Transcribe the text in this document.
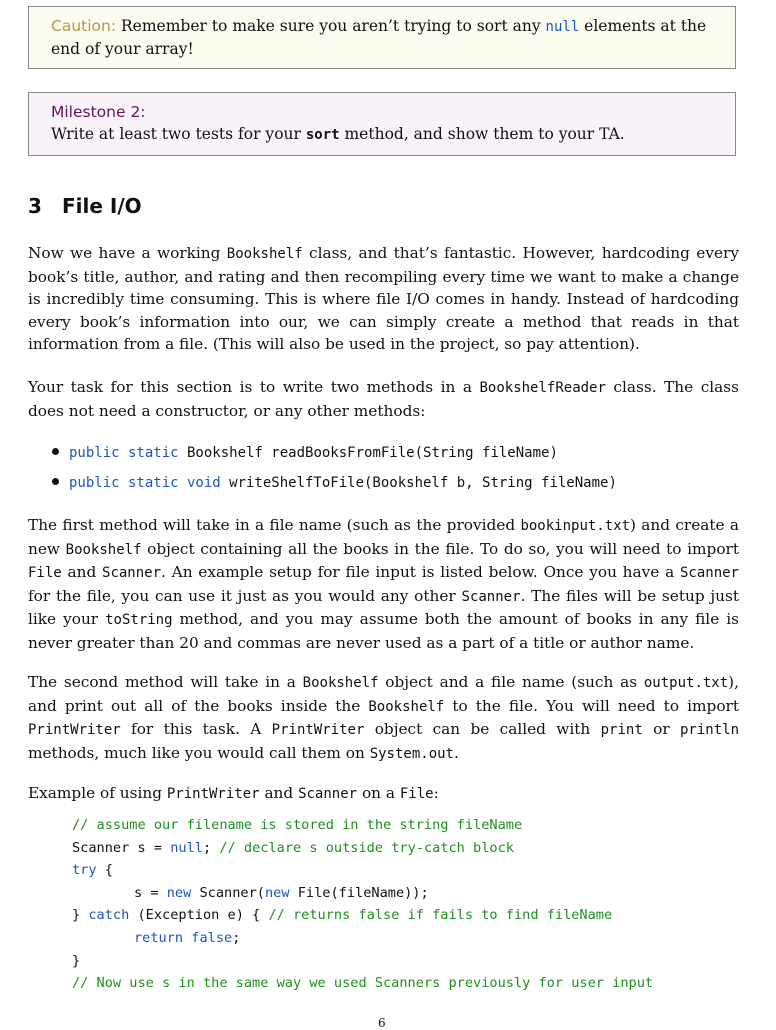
Caution: Remember to make sure you aren’t trying to sort any null elements at the end of your array!
Milestone 2:
Write at least two tests for your sort method, and show them to your TA.
3 File I/O

Now we have a working Bookshelf class, and that’s fantastic. However, hardcoding every book’s title, author, and rating and then recompiling every time we want to make a change is incredibly time consuming. This is where file I/O comes in handy. Instead of hardcoding every book’s information into our, we can simply create a method that reads in that information from a file. (This will also be used in the project, so pay attention).

Your task for this section is to write two methods in a BookshelfReader class. The class does not need a constructor, or any other methods:

public static Bookshelf readBooksFromFile(String fileName)
public static void writeShelfToFile(Bookshelf b, String fileName)

The first method will take in a file name (such as the provided bookinput.txt) and create a new Bookshelf object containing all the books in the file. To do so, you will need to import File and Scanner. An example setup for file input is listed below. Once you have a Scanner for the file, you can use it just as you would any other Scanner. The files will be setup just like your toString method, and you may assume both the amount of books in any file is never greater than 20 and commas are never used as a part of a title or author name.

The second method will take in a Bookshelf object and a file name (such as output.txt), and print out all of the books inside the Bookshelf to the file. You will need to import PrintWriter for this task. A PrintWriter object can be called with print or println methods, much like you would call them on System.out.

Example of using PrintWriter and Scanner on a File:

// assume our filename is stored in the string fileName
Scanner s = null; // declare s outside try-catch block
try {
s = new Scanner(new File(fileName));
} catch (Exception e) { // returns false if fails to find fileName
return false;
}
// Now use s in the same way we used Scanners previously for user input
6
